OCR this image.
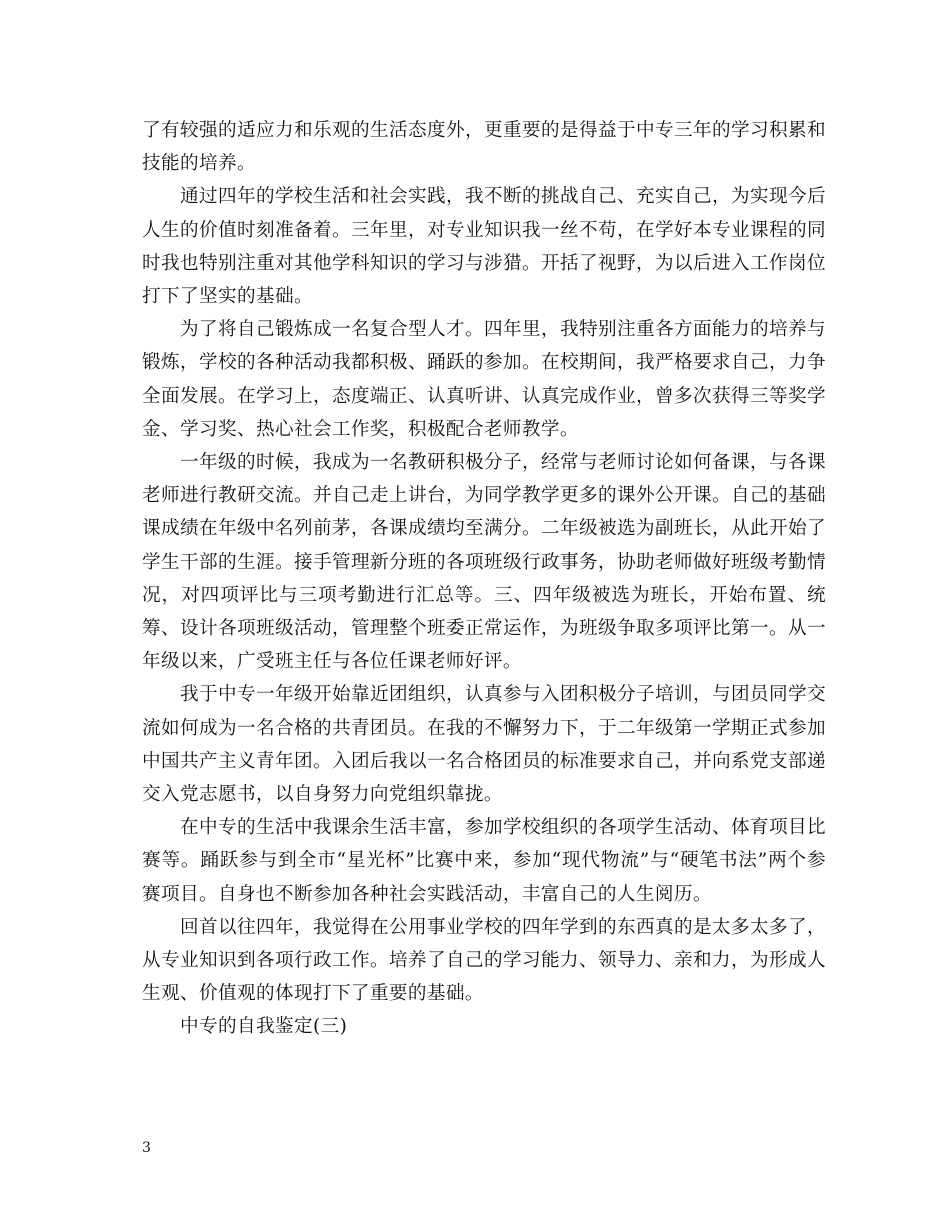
了有较强的适应力和乐观的生活态度外，更重要的是得益于中专三年的学习积累和技能的培养。

通过四年的学校生活和社会实践，我不断的挑战自己、充实自己，为实现今后人生的价值时刻准备着。三年里，对专业知识我一丝不苟，在学好本专业课程的同时我也特别注重对其他学科知识的学习与涉猎。开括了视野，为以后进入工作岗位打下了坚实的基础。

为了将自己锻炼成一名复合型人才。四年里，我特别注重各方面能力的培养与锻炼，学校的各种活动我都积极、踊跃的参加。在校期间，我严格要求自己，力争全面发展。在学习上，态度端正、认真听讲、认真完成作业，曾多次获得三等奖学金、学习奖、热心社会工作奖，积极配合老师教学。

一年级的时候，我成为一名教研积极分子，经常与老师讨论如何备课，与各课老师进行教研交流。并自己走上讲台，为同学教学更多的课外公开课。自己的基础课成绩在年级中名列前茅，各课成绩均至满分。二年级被选为副班长，从此开始了学生干部的生涯。接手管理新分班的各项班级行政事务，协助老师做好班级考勤情况，对四项评比与三项考勤进行汇总等。三、四年级被选为班长，开始布置、统筹、设计各项班级活动，管理整个班委正常运作，为班级争取多项评比第一。从一年级以来，广受班主任与各位任课老师好评。

我于中专一年级开始靠近团组织，认真参与入团积极分子培训，与团员同学交流如何成为一名合格的共青团员。在我的不懈努力下，于二年级第一学期正式参加中国共产主义青年团。入团后我以一名合格团员的标准要求自己，并向系党支部递交入党志愿书，以自身努力向党组织靠拢。

在中专的生活中我课余生活丰富，参加学校组织的各项学生活动、体育项目比赛等。踊跃参与到全市“星光杯”比赛中来，参加“现代物流”与“硬笔书法”两个参赛项目。自身也不断参加各种社会实践活动，丰富自己的人生阅历。

回首以往四年，我觉得在公用事业学校的四年学到的东西真的是太多太多了，从专业知识到各项行政工作。培养了自己的学习能力、领导力、亲和力，为形成人生观、价值观的体现打下了重要的基础。

中专的自我鉴定(三)

3
